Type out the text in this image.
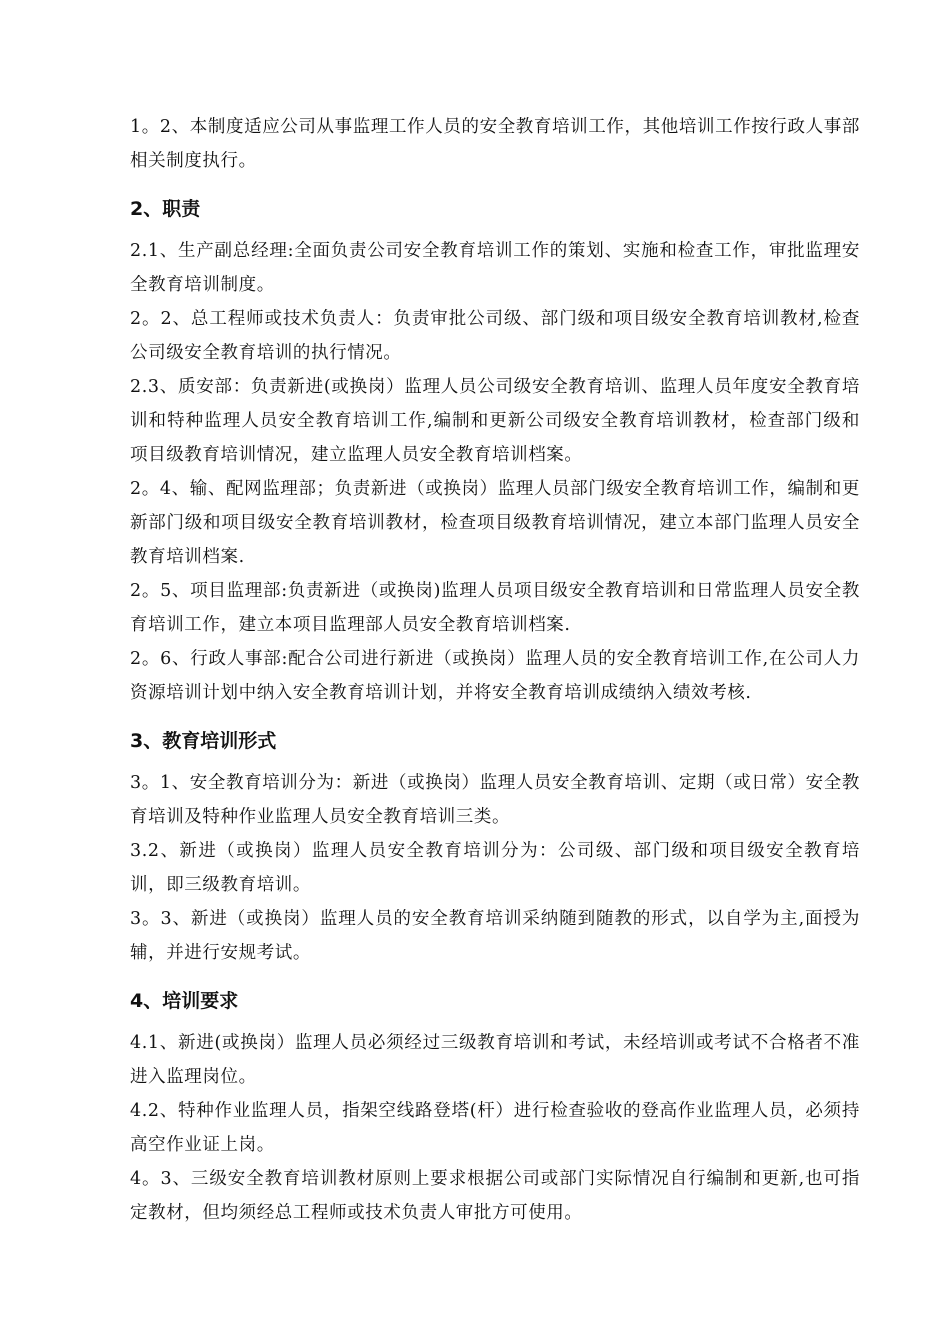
1。2、本制度适应公司从事监理工作人员的安全教育培训工作，其他培训工作按行政人事部相关制度执行。

2、职责

2.1、生产副总经理:全面负责公司安全教育培训工作的策划、实施和检查工作，审批监理安全教育培训制度。

2。2、总工程师或技术负责人：负责审批公司级、部门级和项目级安全教育培训教材,检查公司级安全教育培训的执行情况。

2.3、质安部：负责新进(或换岗）监理人员公司级安全教育培训、监理人员年度安全教育培训和特种监理人员安全教育培训工作,编制和更新公司级安全教育培训教材，检查部门级和项目级教育培训情况，建立监理人员安全教育培训档案。

2。4、输、配网监理部；负责新进（或换岗）监理人员部门级安全教育培训工作，编制和更新部门级和项目级安全教育培训教材，检查项目级教育培训情况，建立本部门监理人员安全教育培训档案.

2。5、项目监理部:负责新进（或换岗)监理人员项目级安全教育培训和日常监理人员安全教育培训工作，建立本项目监理部人员安全教育培训档案.

2。6、行政人事部:配合公司进行新进（或换岗）监理人员的安全教育培训工作,在公司人力资源培训计划中纳入安全教育培训计划，并将安全教育培训成绩纳入绩效考核.

3、教育培训形式

3。1、安全教育培训分为：新进（或换岗）监理人员安全教育培训、定期（或日常）安全教育培训及特种作业监理人员安全教育培训三类。

3.2、新进（或换岗）监理人员安全教育培训分为：公司级、部门级和项目级安全教育培训，即三级教育培训。

3。3、新进（或换岗）监理人员的安全教育培训采纳随到随教的形式，以自学为主,面授为辅，并进行安规考试。

4、培训要求

4.1、新进(或换岗）监理人员必须经过三级教育培训和考试，未经培训或考试不合格者不准进入监理岗位。

4.2、特种作业监理人员，指架空线路登塔(杆）进行检查验收的登高作业监理人员，必须持高空作业证上岗。

4。3、三级安全教育培训教材原则上要求根据公司或部门实际情况自行编制和更新,也可指定教材，但均须经总工程师或技术负责人审批方可使用。
